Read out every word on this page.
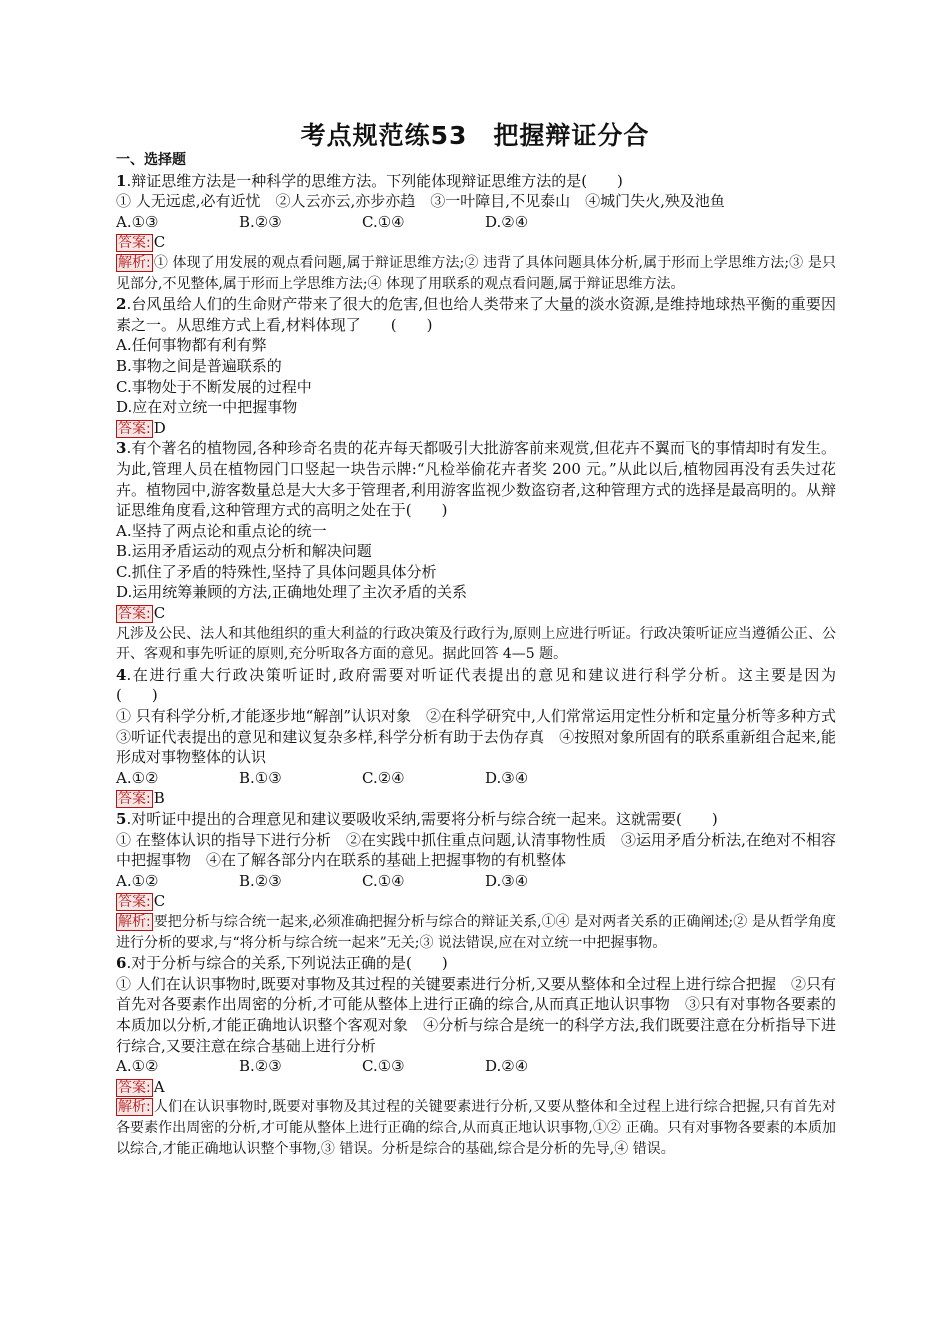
考点规范练53　把握辩证分合
一、选择题
1.辩证思维方法是一种科学的思维方法。下列能体现辩证思维方法的是(　　)
① 人无远虑,必有近忧　②人云亦云,亦步亦趋　③一叶障目,不见泰山　④城门失火,殃及池鱼
A.①③	B.②③	C.①④	D.②④
答案: C
解析: ① 体现了用发展的观点看问题,属于辩证思维方法;② 违背了具体问题具体分析,属于形而上学思维方法;③ 是只见部分,不见整体,属于形而上学思维方法;④ 体现了用联系的观点看问题,属于辩证思维方法。
2.台风虽给人们的生命财产带来了很大的危害,但也给人类带来了大量的淡水资源,是维持地球热平衡的重要因素之一。从思维方式上看,材料体现了　　(　　)
A.任何事物都有利有弊
B.事物之间是普遍联系的
C.事物处于不断发展的过程中
D.应在对立统一中把握事物
答案: D
3.有个著名的植物园,各种珍奇名贵的花卉每天都吸引大批游客前来观赏,但花卉不翼而飞的事情却时有发生。为此,管理人员在植物园门口竖起一块告示牌:“凡检举偷花卉者奖 200 元。”从此以后,植物园再没有丢失过花卉。植物园中,游客数量总是大大多于管理者,利用游客监视少数盗窃者,这种管理方式的选择是最高明的。从辩证思维角度看,这种管理方式的高明之处在于(　　)
A.坚持了两点论和重点论的统一
B.运用矛盾运动的观点分析和解决问题
C.抓住了矛盾的特殊性,坚持了具体问题具体分析
D.运用统筹兼顾的方法,正确地处理了主次矛盾的关系
答案: C
凡涉及公民、法人和其他组织的重大利益的行政决策及行政行为,原则上应进行听证。行政决策听证应当遵循公正、公开、客观和事先听证的原则,充分听取各方面的意见。据此回答 4—5 题。
4.在进行重大行政决策听证时,政府需要对听证代表提出的意见和建议进行科学分析。这主要是因为　　　　(　　)
① 只有科学分析,才能逐步地“解剖”认识对象　②在科学研究中,人们常常运用定性分析和定量分析等多种方式　③听证代表提出的意见和建议复杂多样,科学分析有助于去伪存真　④按照对象所固有的联系重新组合起来,能形成对事物整体的认识
A.①②	B.①③	C.②④	D.③④
答案: B
5.对听证中提出的合理意见和建议要吸收采纳,需要将分析与综合统一起来。这就需要(　　)
① 在整体认识的指导下进行分析　②在实践中抓住重点问题,认清事物性质　③运用矛盾分析法,在绝对不相容中把握事物　④在了解各部分内在联系的基础上把握事物的有机整体
A.①②	B.②③	C.①④	D.③④
答案: C
解析: 要把分析与综合统一起来,必须准确把握分析与综合的辩证关系,①④ 是对两者关系的正确阐述;② 是从哲学角度进行分析的要求,与“将分析与综合统一起来”无关;③ 说法错误,应在对立统一中把握事物。
6.对于分析与综合的关系,下列说法正确的是(　　)
① 人们在认识事物时,既要对事物及其过程的关键要素进行分析,又要从整体和全过程上进行综合把握　②只有首先对各要素作出周密的分析,才可能从整体上进行正确的综合,从而真正地认识事物　③只有对事物各要素的本质加以分析,才能正确地认识整个客观对象　④分析与综合是统一的科学方法,我们既要注意在分析指导下进行综合,又要注意在综合基础上进行分析
A.①②	B.②③	C.①③	D.②④
答案: A
解析: 人们在认识事物时,既要对事物及其过程的关键要素进行分析,又要从整体和全过程上进行综合把握,只有首先对各要素作出周密的分析,才可能从整体上进行正确的综合,从而真正地认识事物,①② 正确。只有对事物各要素的本质加以综合,才能正确地认识整个事物,③ 错误。分析是综合的基础,综合是分析的先导,④ 错误。
